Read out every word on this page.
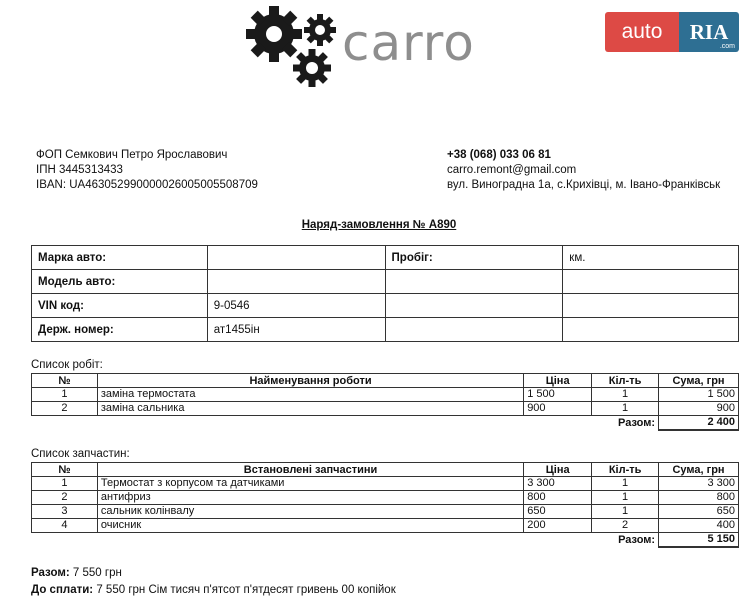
carro	auto	RIA
.com
ФОП Семкович Петро Ярославович
ІПН 3445313433
IBAN: UA463052990000026005005508709
+38 (068) 033 06 81
carro.remont@gmail.com
вул. Виноградна 1а, с.Крихівці, м. Івано-Франківськ
Наряд-замовлення № А890
Марка авто:		Пробіг:	км.
Модель авто:			
VIN код:	9-0546		
Держ. номер:	ат1455ін		
Список робіт:
№	Найменування роботи	Ціна	Кіл-ть	Сума, грн
1	заміна термостата	1 500	1	1 500
2	заміна сальника	900	1	900
			Разом:	2 400
Список запчастин:
№	Встановлені запчастини	Ціна	Кіл-ть	Сума, грн
1	Термостат з корпусом та датчиками	3 300	1	3 300
2	антифриз	800	1	800
3	сальник колінвалу	650	1	650
4	очисник	200	2	400
			Разом:	5 150
Разом: 7 550 грн
До сплати: 7 550 грн Сім тисяч п'ятсот п'ятдесят гривень 00 копійок
